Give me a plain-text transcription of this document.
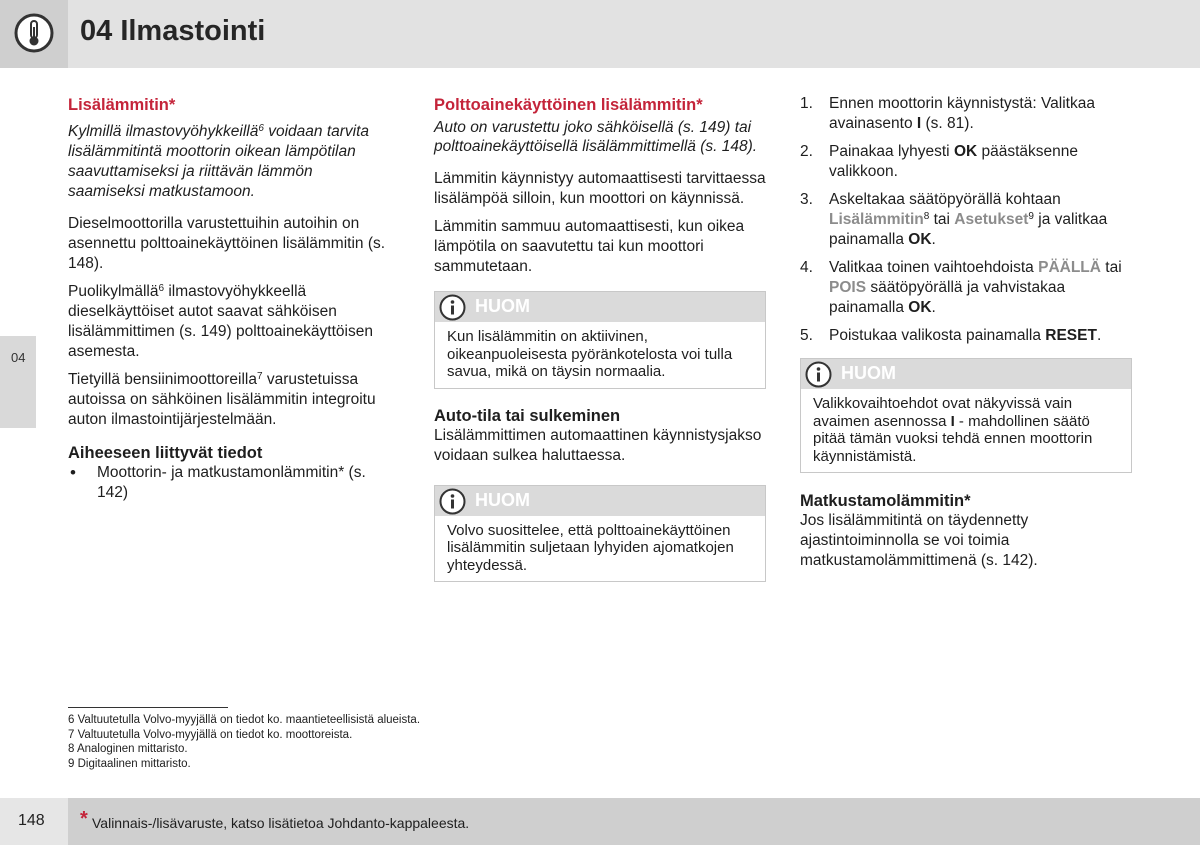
04 Ilmastointi
04
Lisälämmitin*

Kylmillä ilmastovyöhykkeillä$^6$ voidaan tarvita lisälämmitintä moottorin oikean lämpötilan saavuttamiseksi ja riittävän lämmön saamiseksi matkustamoon.

Dieselmoottorilla varustettuihin autoihin on asennettu polttoainekäyttöinen lisälämmitin (s. 148).

Puolikylmällä$^6$ ilmastovyöhykkeellä dieselkäyttöiset autot saavat sähköisen lisälämmittimen (s. 149) polttoainekäyttöisen asemesta.

Tietyillä bensiinimoottoreilla$^7$ varustetuissa autoissa on sähköinen lisälämmitin integroitu auton ilmastointijärjestelmään.

Aiheeseen liittyvät tiedot

• Moottorin- ja matkustamonlämmitin* (s. 142)

Polttoainekäyttöinen lisälämmitin*

Auto on varustettu joko sähköisellä (s. 149) tai polttoainekäyttöisellä lisälämmittimellä (s. 148).

Lämmitin käynnistyy automaattisesti tarvittaessa lisälämpöä silloin, kun moottori on käynnissä.

Lämmitin sammuu automaattisesti, kun oikea lämpötila on saavutettu tai kun moottori sammutetaan.

HUOM
Kun lisälämmitin on aktiivinen, oikeanpuoleisesta pyöränkotelosta voi tulla savua, mikä on täysin normaalia.
Auto-tila tai sulkeminen

Lisälämmittimen automaattinen käynnistysjakso voidaan sulkea haluttaessa.

HUOM
Volvo suosittelee, että polttoainekäyttöinen lisälämmitin suljetaan lyhyiden ajomatkojen yhteydessä.
1. Ennen moottorin käynnistystä: Valitkaa avainasento I (s. 81).
2. Painakaa lyhyesti OK päästäksenne valikkoon.
3. Askeltakaa säätöpyörällä kohtaan Lisälämmitin$^8$ tai Asetukset$^9$ ja valitkaa painamalla OK.
4. Valitkaa toinen vaihtoehdoista PÄÄLLÄ tai POIS säätöpyörällä ja vahvistakaa painamalla OK.
5. Poistukaa valikosta painamalla RESET.
HUOM
Valikkovaihtoehdot ovat näkyvissä vain avaimen asennossa I - mahdollinen säätö pitää tämän vuoksi tehdä ennen moottorin käynnistämistä.
Matkustamolämmitin*

Jos lisälämmitintä on täydennetty ajastintoiminnolla se voi toimia matkustamolämmittimenä (s. 142).

6 Valtuutetulla Volvo-myyjällä on tiedot ko. maantieteellisistä alueista.
7 Valtuutetulla Volvo-myyjällä on tiedot ko. moottoreista.
8 Analoginen mittaristo.
9 Digitaalinen mittaristo.
148 * Valinnais-/lisävaruste, katso lisätietoa Johdanto-kappaleesta.
